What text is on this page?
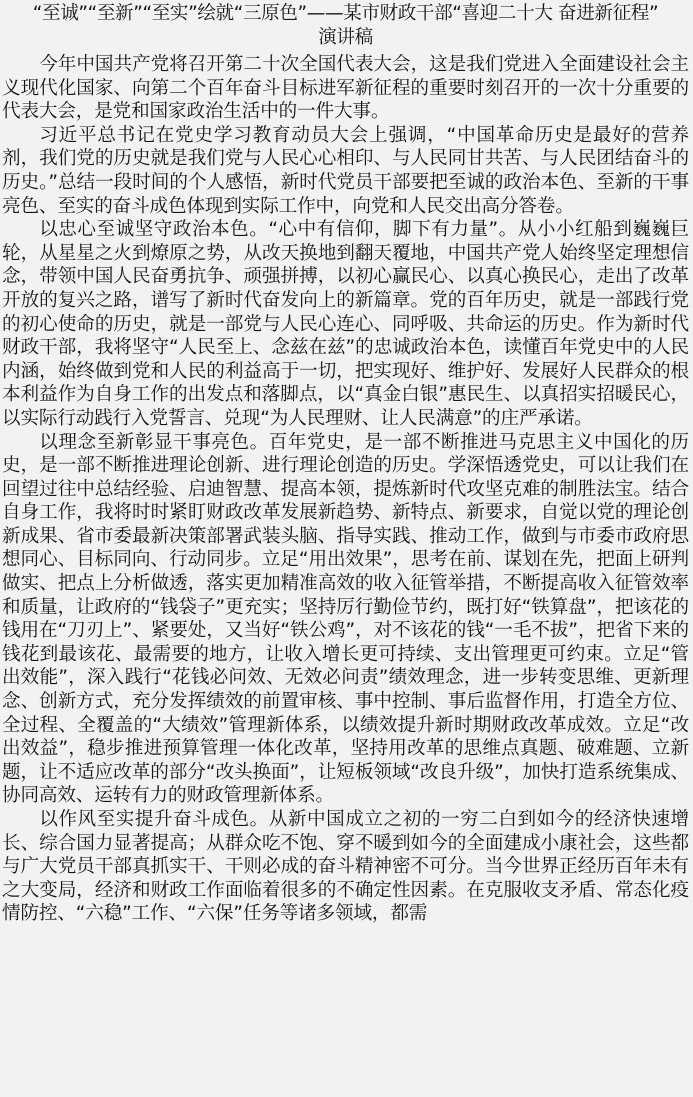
“至诚”“至新”“至实”绘就“三原色”——某市财政干部“喜迎二十大 奋进新征程”
演讲稿

今年中国共产党将召开第二十次全国代表大会，这是我们党进入全面建设社会主义现代化国家、向第二个百年奋斗目标进军新征程的重要时刻召开的一次十分重要的代表大会，是党和国家政治生活中的一件大事。

习近平总书记在党史学习教育动员大会上强调，“中国革命历史是最好的营养剂，我们党的历史就是我们党与人民心心相印、与人民同甘共苦、与人民团结奋斗的历史。”总结一段时间的个人感悟，新时代党员干部要把至诚的政治本色、至新的干事亮色、至实的奋斗成色体现到实际工作中，向党和人民交出高分答卷。

以忠心至诚坚守政治本色。“心中有信仰，脚下有力量”。从小小红船到巍巍巨轮，从星星之火到燎原之势，从改天换地到翻天覆地，中国共产党人始终坚定理想信念，带领中国人民奋勇抗争、顽强拼搏，以初心赢民心、以真心换民心，走出了改革开放的复兴之路，谱写了新时代奋发向上的新篇章。党的百年历史，就是一部践行党的初心使命的历史，就是一部党与人民心连心、同呼吸、共命运的历史。作为新时代财政干部，我将坚守“人民至上、念兹在兹”的忠诚政治本色，读懂百年党史中的人民内涵，始终做到党和人民的利益高于一切，把实现好、维护好、发展好人民群众的根本利益作为自身工作的出发点和落脚点，以“真金白银”惠民生、以真招实招暖民心，以实际行动践行入党誓言、兑现“为人民理财、让人民满意”的庄严承诺。

以理念至新彰显干事亮色。百年党史，是一部不断推进马克思主义中国化的历史，是一部不断推进理论创新、进行理论创造的历史。学深悟透党史，可以让我们在回望过往中总结经验、启迪智慧、提高本领，提炼新时代攻坚克难的制胜法宝。结合自身工作，我将时时紧盯财政改革发展新趋势、新特点、新要求，自觉以党的理论创新成果、省市委最新决策部署武装头脑、指导实践、推动工作，做到与市委市政府思想同心、目标同向、行动同步。立足“用出效果”，思考在前、谋划在先，把面上研判做实、把点上分析做透，落实更加精准高效的收入征管举措，不断提高收入征管效率和质量，让政府的“钱袋子”更充实；坚持厉行勤俭节约，既打好“铁算盘”，把该花的钱用在“刀刃上”、紧要处，又当好“铁公鸡”，对不该花的钱“一毛不拔”，把省下来的钱花到最该花、最需要的地方，让收入增长更可持续、支出管理更可约束。立足“管出效能”，深入践行“花钱必问效、无效必问责”绩效理念，进一步转变思维、更新理念、创新方式，充分发挥绩效的前置审核、事中控制、事后监督作用，打造全方位、全过程、全覆盖的“大绩效”管理新体系，以绩效提升新时期财政改革成效。立足“改出效益”，稳步推进预算管理一体化改革，坚持用改革的思维点真题、破难题、立新题，让不适应改革的部分“改头换面”，让短板领域“改良升级”，加快打造系统集成、协同高效、运转有力的财政管理新体系。

以作风至实提升奋斗成色。从新中国成立之初的一穷二白到如今的经济快速增长、综合国力显著提高；从群众吃不饱、穿不暖到如今的全面建成小康社会，这些都与广大党员干部真抓实干、干则必成的奋斗精神密不可分。当今世界正经历百年未有之大变局，经济和财政工作面临着很多的不确定性因素。在克服收支矛盾、常态化疫情防控、“六稳”工作、“六保”任务等诸多领域，都需
